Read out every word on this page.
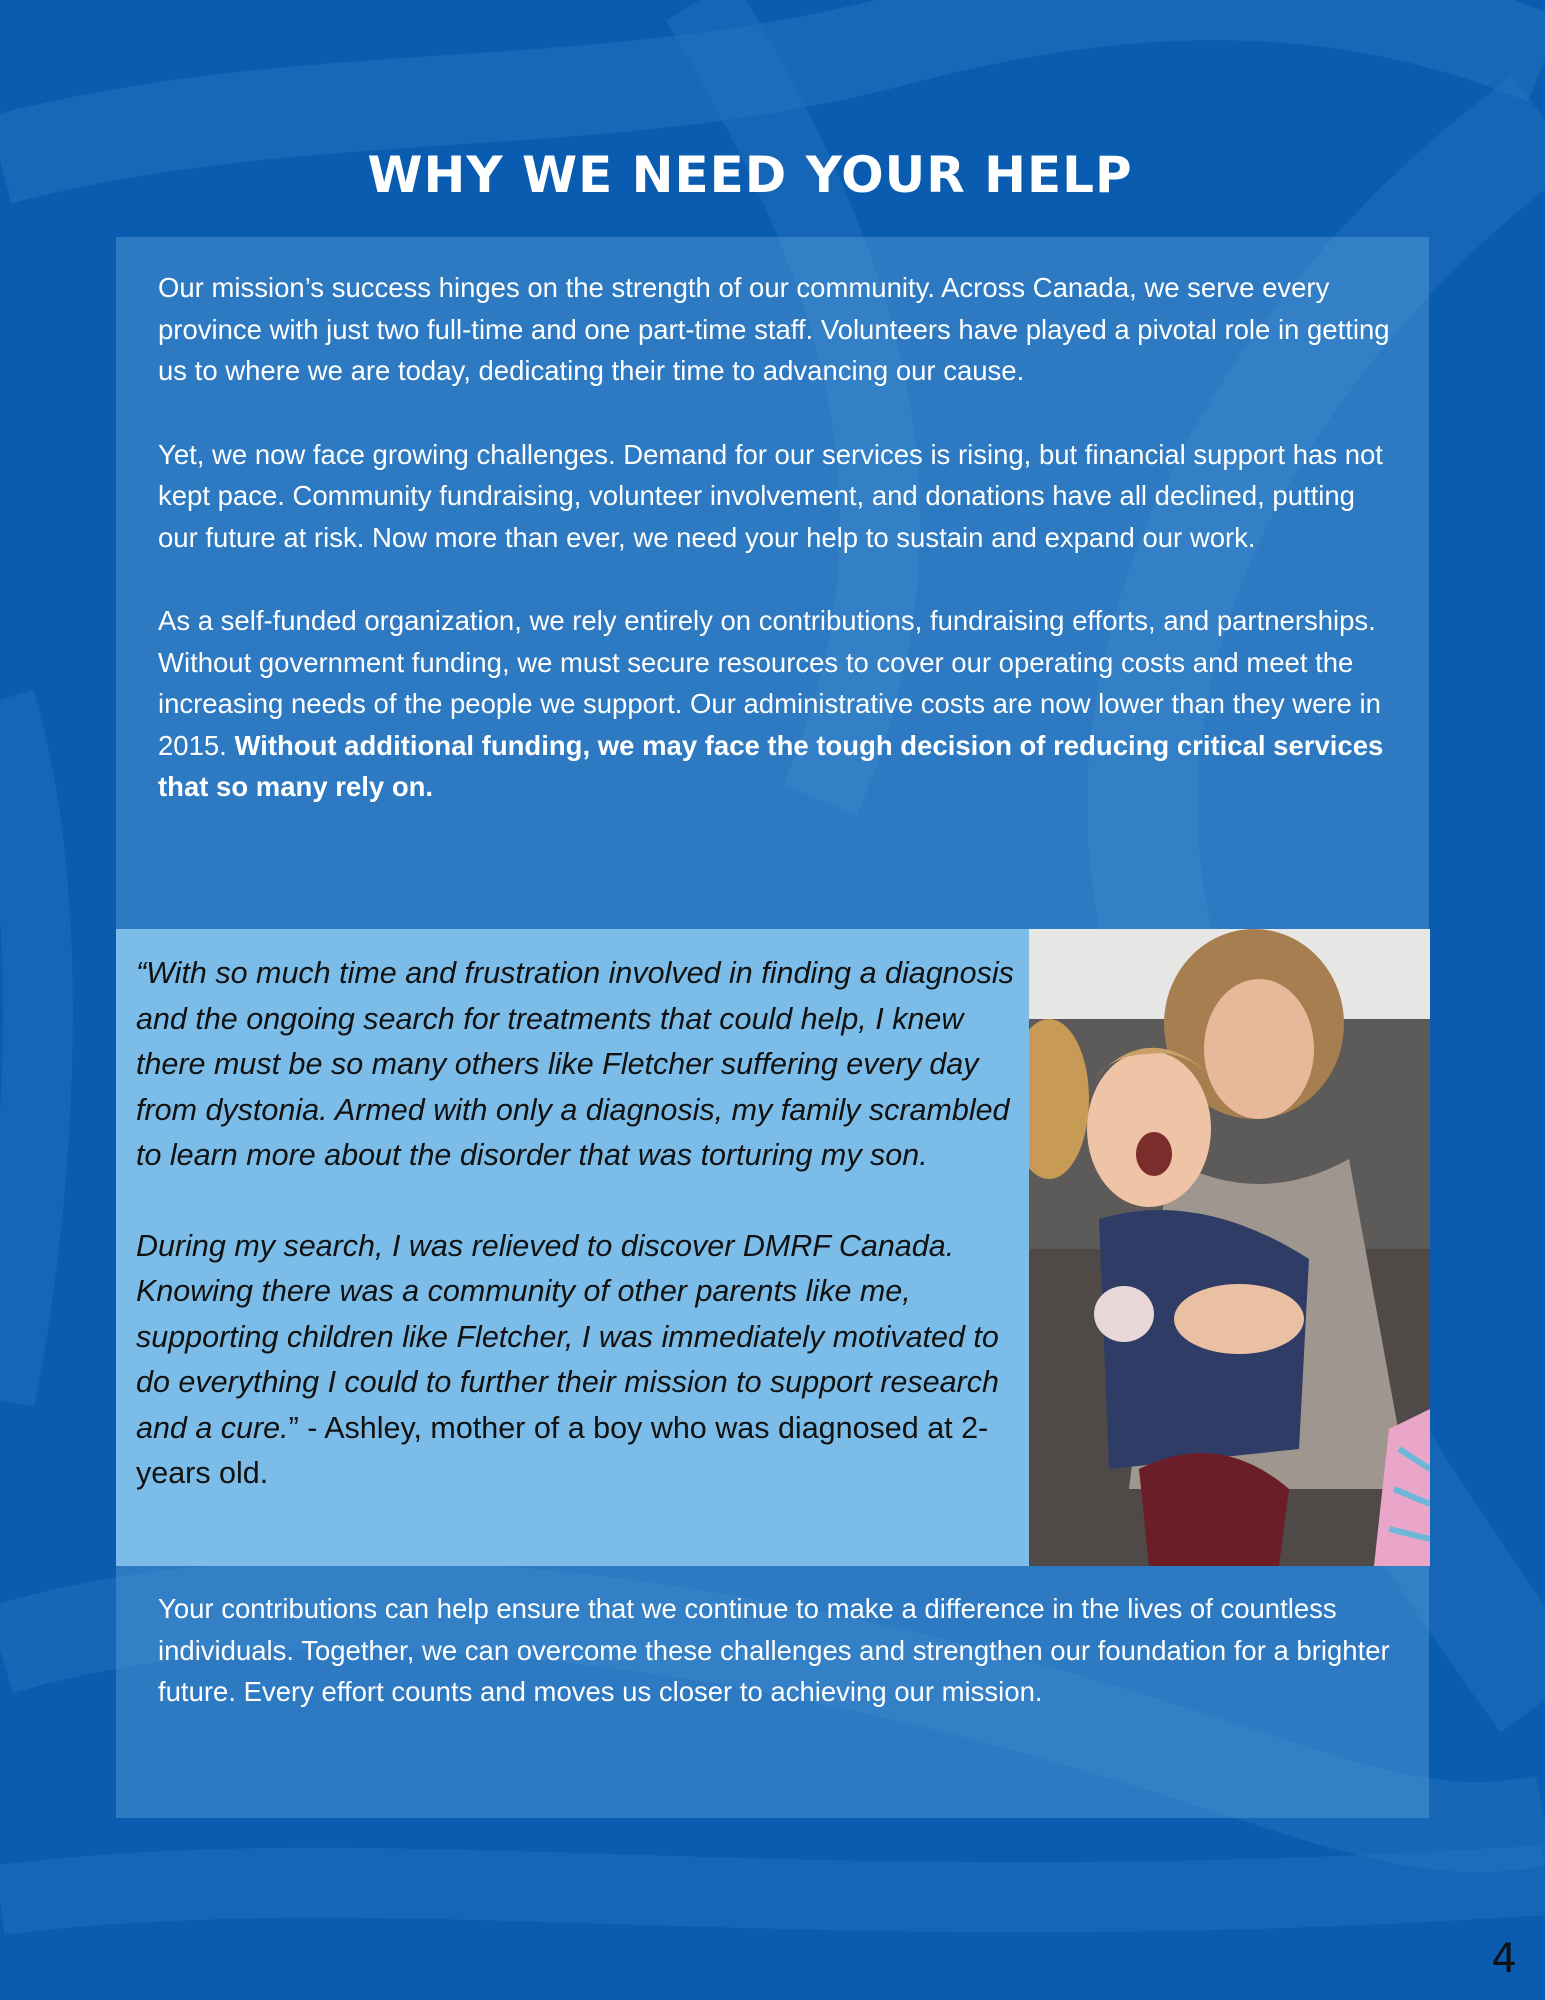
WHY WE NEED YOUR HELP

Our mission’s success hinges on the strength of our community. Across Canada, we serve every province with just two full-time and one part-time staff. Volunteers have played a pivotal role in getting us to where we are today, dedicating their time to advancing our cause.

Yet, we now face growing challenges. Demand for our services is rising, but financial support has not kept pace. Community fundraising, volunteer involvement, and donations have all declined, putting our future at risk. Now more than ever, we need your help to sustain and expand our work.

As a self-funded organization, we rely entirely on contributions, fundraising efforts, and partnerships. Without government funding, we must secure resources to cover our operating costs and meet the increasing needs of the people we support. Our administrative costs are now lower than they were in 2015. Without additional funding, we may face the tough decision of reducing critical services that so many rely on.

“With so much time and frustration involved in finding a diagnosis and the ongoing search for treatments that could help, I knew there must be so many others like Fletcher suffering every day from dystonia. Armed with only a diagnosis, my family scrambled to learn more about the disorder that was torturing my son.

During my search, I was relieved to discover DMRF Canada. Knowing there was a community of other parents like me, supporting children like Fletcher, I was immediately motivated to do everything I could to further their mission to support research and a cure.” - Ashley, mother of a boy who was diagnosed at 2-years old.

Your contributions can help ensure that we continue to make a difference in the lives of countless individuals. Together, we can overcome these challenges and strengthen our foundation for a brighter future. Every effort counts and moves us closer to achieving our mission.

4
